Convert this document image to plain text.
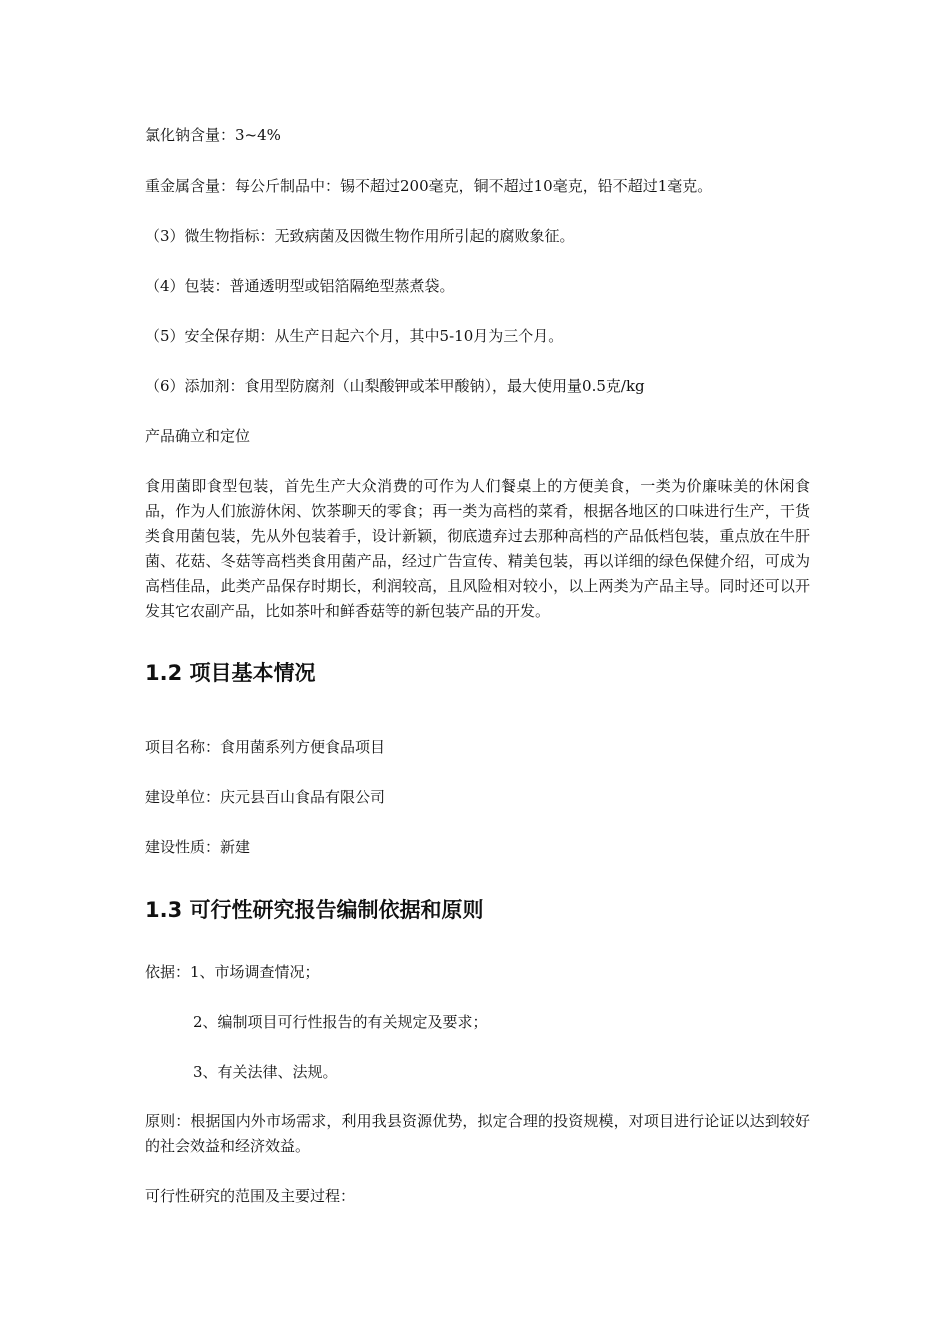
氯化钠含量：3~4%

重金属含量：每公斤制品中：锡不超过200毫克，铜不超过10毫克，铅不超过1毫克。

（3）微生物指标：无致病菌及因微生物作用所引起的腐败象征。

（4）包装：普通透明型或铝箔隔绝型蒸煮袋。

（5）安全保存期：从生产日起六个月，其中5-10月为三个月。

（6）添加剂：食用型防腐剂（山梨酸钾或苯甲酸钠），最大使用量0.5克/kg

产品确立和定位

食用菌即食型包装，首先生产大众消费的可作为人们餐桌上的方便美食，一类为价廉味美的休闲食品，作为人们旅游休闲、饮茶聊天的零食；再一类为高档的菜肴，根据各地区的口味进行生产，干货类食用菌包装，先从外包装着手，设计新颖，彻底遗弃过去那种高档的产品低档包装，重点放在牛肝菌、花菇、冬菇等高档类食用菌产品，经过广告宣传、精美包装，再以详细的绿色保健介绍，可成为高档佳品，此类产品保存时期长，利润较高，且风险相对较小，以上两类为产品主导。同时还可以开发其它农副产品，比如茶叶和鲜香菇等的新包装产品的开发。

1.2 项目基本情况

项目名称：食用菌系列方便食品项目

建设单位：庆元县百山食品有限公司

建设性质：新建

1.3 可行性研究报告编制依据和原则

依据：1、市场调查情况；

2、编制项目可行性报告的有关规定及要求；

3、有关法律、法规。

原则：根据国内外市场需求，利用我县资源优势，拟定合理的投资规模，对项目进行论证以达到较好的社会效益和经济效益。

可行性研究的范围及主要过程：
